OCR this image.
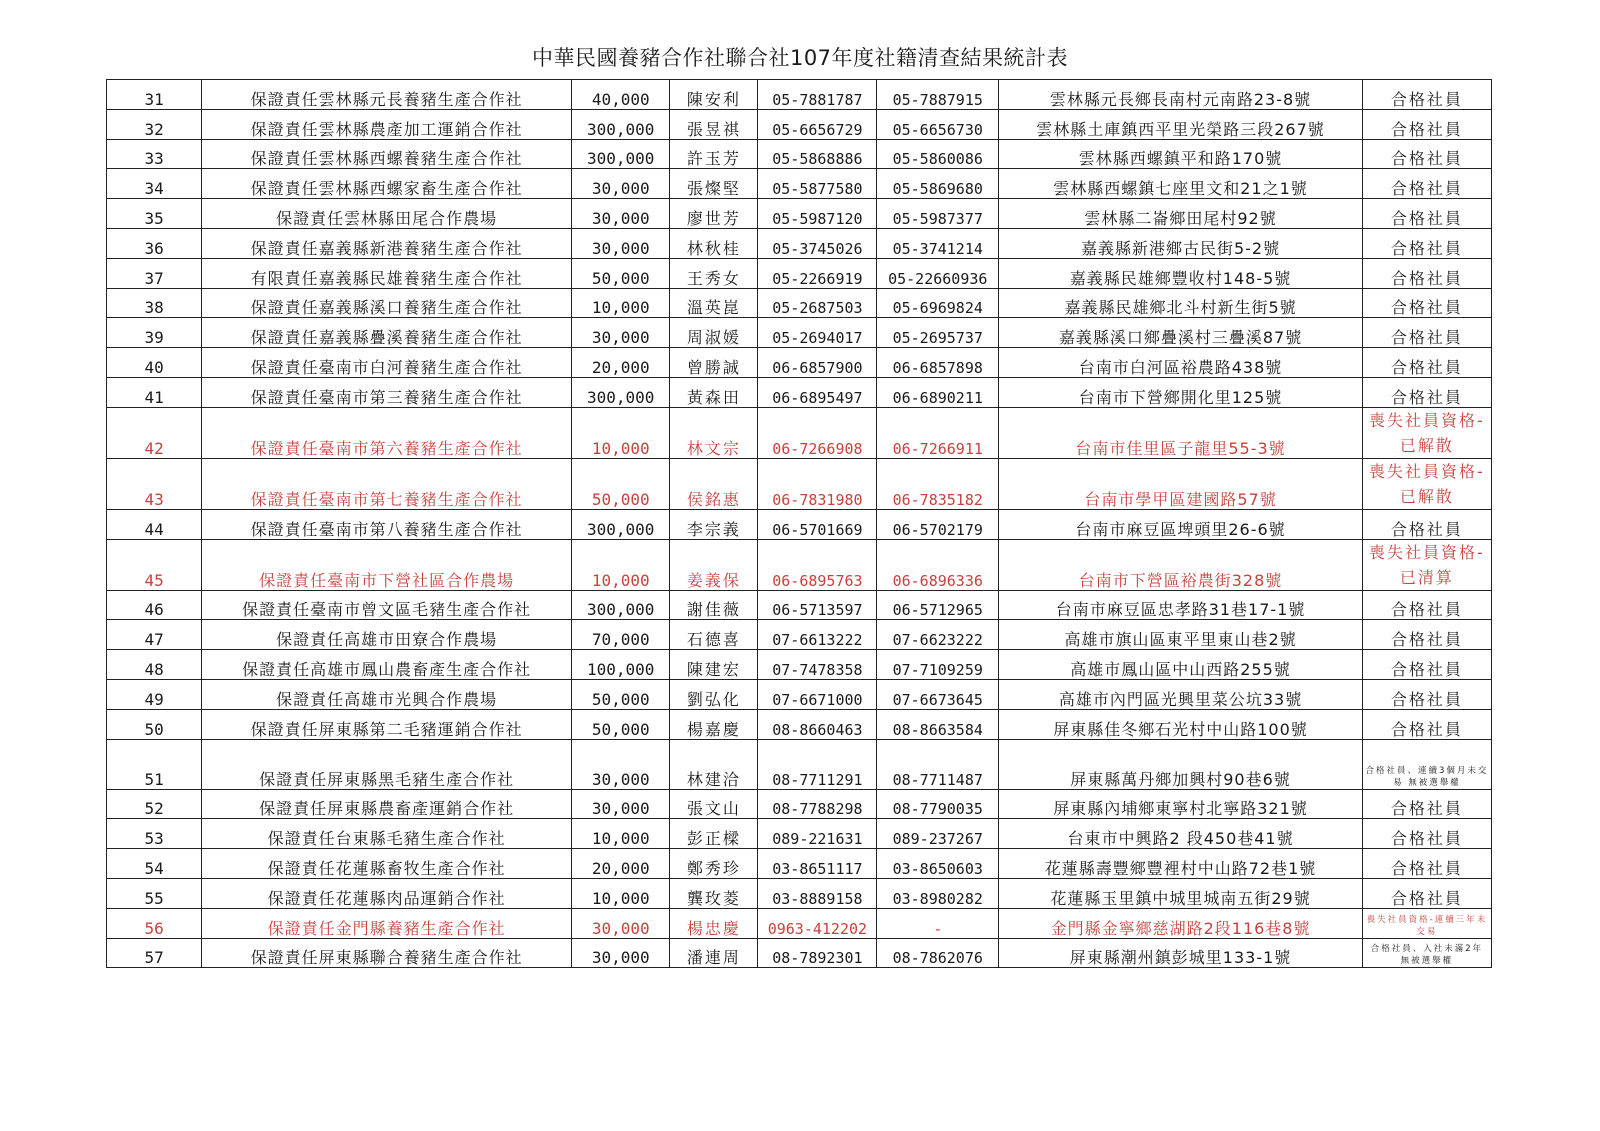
中華民國養豬合作社聯合社107年度社籍清查結果統計表
31	保證責任雲林縣元長養豬生產合作社	40,000	陳安利	05-7881787	05-7887915	雲林縣元長鄉長南村元南路23-8號	合格社員
32	保證責任雲林縣農產加工運銷合作社	300,000	張昱祺	05-6656729	05-6656730	雲林縣土庫鎮西平里光榮路三段267號	合格社員
33	保證責任雲林縣西螺養豬生產合作社	300,000	許玉芳	05-5868886	05-5860086	雲林縣西螺鎮平和路170號	合格社員
34	保證責任雲林縣西螺家畜生產合作社	30,000	張燦堅	05-5877580	05-5869680	雲林縣西螺鎮七座里文和21之1號	合格社員
35	保證責任雲林縣田尾合作農場	30,000	廖世芳	05-5987120	05-5987377	雲林縣二崙鄉田尾村92號	合格社員
36	保證責任嘉義縣新港養豬生產合作社	30,000	林秋桂	05-3745026	05-3741214	嘉義縣新港鄉古民街5-2號	合格社員
37	有限責任嘉義縣民雄養豬生產合作社	50,000	王秀女	05-2266919	05-22660936	嘉義縣民雄鄉豐收村148-5號	合格社員
38	保證責任嘉義縣溪口養豬生產合作社	10,000	溫英崑	05-2687503	05-6969824	嘉義縣民雄鄉北斗村新生街5號	合格社員
39	保證責任嘉義縣疊溪養豬生產合作社	30,000	周淑媛	05-2694017	05-2695737	嘉義縣溪口鄉疊溪村三疊溪87號	合格社員
40	保證責任臺南市白河養豬生產合作社	20,000	曾勝誠	06-6857900	06-6857898	台南市白河區裕農路438號	合格社員
41	保證責任臺南市第三養豬生產合作社	300,000	黃森田	06-6895497	06-6890211	台南市下營鄉開化里125號	合格社員
42	保證責任臺南市第六養豬生產合作社	10,000	林文宗	06-7266908	06-7266911	台南市佳里區子龍里55-3號	喪失社員資格-已解散
43	保證責任臺南市第七養豬生產合作社	50,000	侯銘惠	06-7831980	06-7835182	台南市學甲區建國路57號	喪失社員資格-已解散
44	保證責任臺南市第八養豬生產合作社	300,000	李宗義	06-5701669	06-5702179	台南市麻豆區埤頭里26-6號	合格社員
45	保證責任臺南市下營社區合作農場	10,000	姜義保	06-6895763	06-6896336	台南市下營區裕農街328號	喪失社員資格-已清算
46	保證責任臺南市曾文區毛豬生產合作社	300,000	謝佳薇	06-5713597	06-5712965	台南市麻豆區忠孝路31巷17-1號	合格社員
47	保證責任高雄市田寮合作農場	70,000	石德喜	07-6613222	07-6623222	高雄市旗山區東平里東山巷2號	合格社員
48	保證責任高雄市鳳山農畜產生產合作社	100,000	陳建宏	07-7478358	07-7109259	高雄市鳳山區中山西路255號	合格社員
49	保證責任高雄市光興合作農場	50,000	劉弘化	07-6671000	07-6673645	高雄市內門區光興里菜公坑33號	合格社員
50	保證責任屏東縣第二毛豬運銷合作社	50,000	楊嘉慶	08-8660463	08-8663584	屏東縣佳冬鄉石光村中山路100號	合格社員
51	保證責任屏東縣黑毛豬生產合作社	30,000	林建洽	08-7711291	08-7711487	屏東縣萬丹鄉加興村90巷6號	合格社員、連續3個月未交易 無被選舉權
52	保證責任屏東縣農畜產運銷合作社	30,000	張文山	08-7788298	08-7790035	屏東縣內埔鄉東寧村北寧路321號	合格社員
53	保證責任台東縣毛豬生產合作社	10,000	彭正樑	089-221631	089-237267	台東市中興路2 段450巷41號	合格社員
54	保證責任花蓮縣畜牧生產合作社	20,000	鄭秀珍	03-8651117	03-8650603	花蓮縣壽豐鄉豐裡村中山路72巷1號	合格社員
55	保證責任花蓮縣肉品運銷合作社	10,000	龔玫菱	03-8889158	03-8980282	花蓮縣玉里鎮中城里城南五街29號	合格社員
56	保證責任金門縣養豬生產合作社	30,000	楊忠慶	0963-412202	-	金門縣金寧鄉慈湖路2段116巷8號	喪失社員資格-連續三年未交易
57	保證責任屏東縣聯合養豬生產合作社	30,000	潘連周	08-7892301	08-7862076	屏東縣潮州鎮彭城里133-1號	合格社員、入社未滿2年 無被選舉權
